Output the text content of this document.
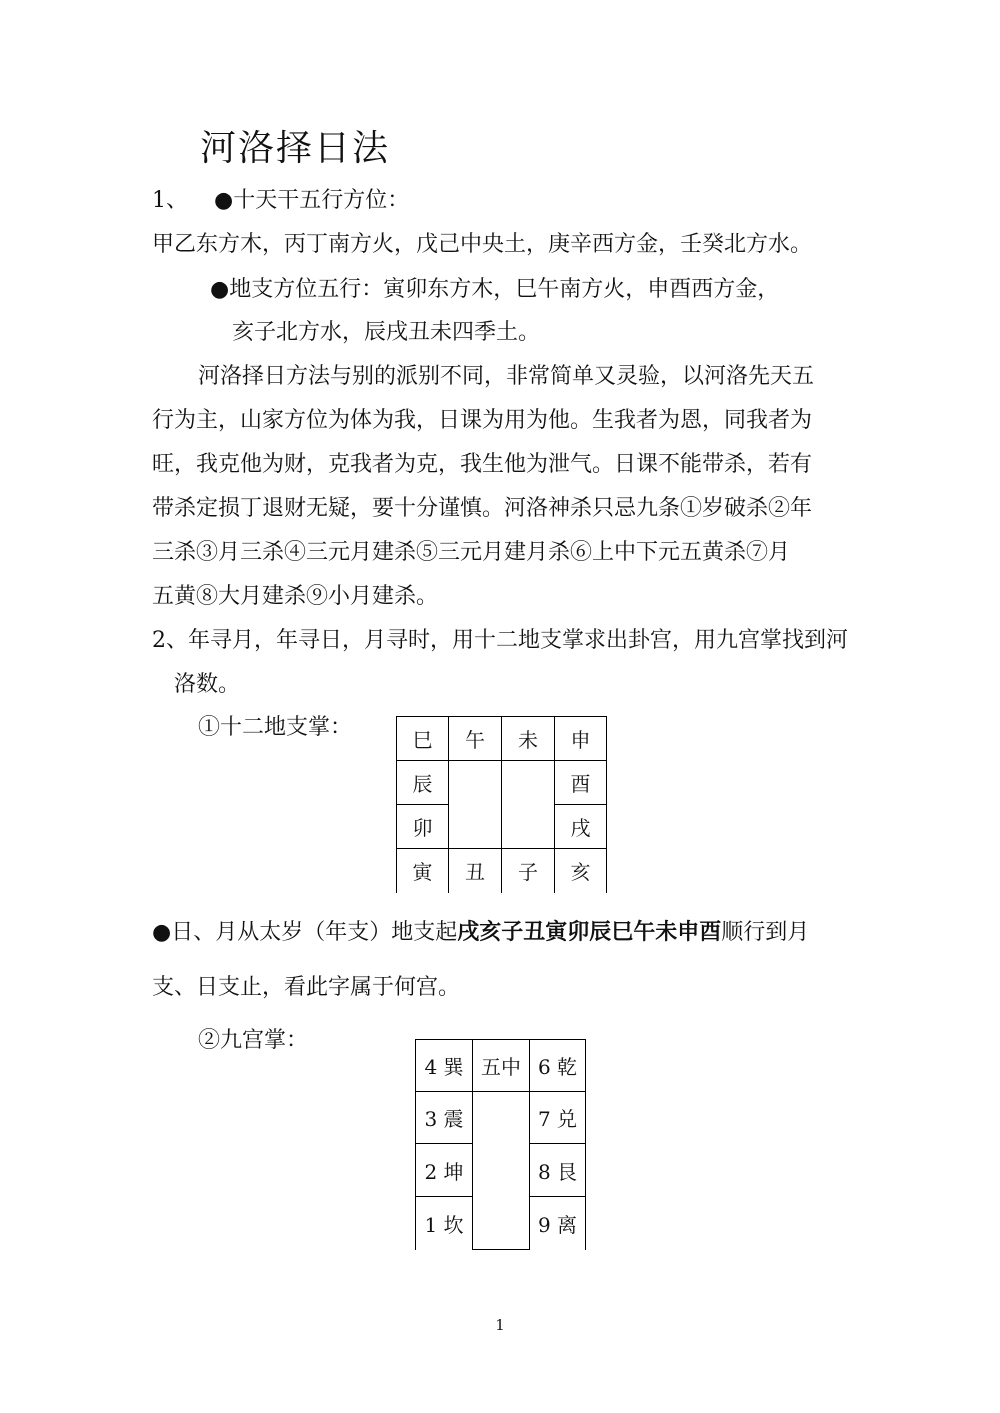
河洛择日法
1、 ●十天干五行方位：
甲乙东方木，丙丁南方火，戊己中央土，庚辛西方金，壬癸北方水。
●地支方位五行：寅卯东方木，巳午南方火，申酉西方金，
亥子北方水，辰戌丑未四季土。
河洛择日方法与别的派别不同，非常简单又灵验，以河洛先天五
行为主，山家方位为体为我，日课为用为他。生我者为恩，同我者为
旺，我克他为财，克我者为克，我生他为泄气。日课不能带杀，若有
带杀定损丁退财无疑，要十分谨慎。河洛神杀只忌九条①岁破杀②年
三杀③月三杀④三元月建杀⑤三元月建月杀⑥上中下元五黄杀⑦月
五黄⑧大月建杀⑨小月建杀。
2、年寻月，年寻日，月寻时，用十二地支掌求出卦宫，用九宫掌找到河
洛数。
①十二地支掌：	巳	午	未	申
辰			酉
卯			戌
寅	丑	子	亥
●日、月从太岁（年支）地支起戌亥子丑寅卯辰巳午未申酉顺行到月
支、日支止，看此字属于何宫。
②九宫掌：
4 巽	五中	6 乾
3 震		7 兑
2 坤		8 艮
1 坎		9 离
1
